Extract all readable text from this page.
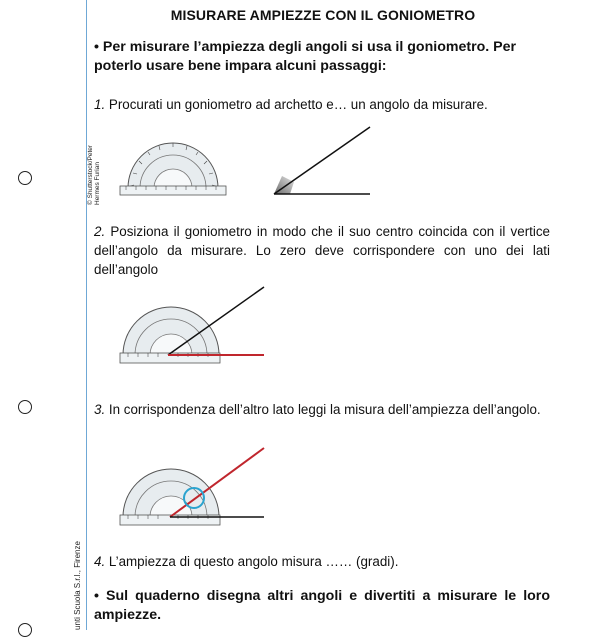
© Shutterstock/Peter Hermes Furian
unti Scuola S.r.l., Firenze
MISURARE AMPIEZZE CON IL GONIOMETRO
• Per misurare l’ampiezza degli angoli si usa il goniometro. Per poterlo usare bene impara alcuni passaggi:
1. Procurati un goniometro ad archetto e… un angolo da misurare.
2. Posiziona il goniometro in modo che il suo centro coincida con il vertice dell’angolo da misurare. Lo zero deve corrispondere con uno dei lati dell’angolo
3. In corrispondenza dell’altro lato leggi la misura dell’ampiezza dell’angolo.
4. L’ampiezza di questo angolo misura …… (gradi).
• Sul quaderno disegna altri angoli e divertiti a misurare le loro ampiezze.
